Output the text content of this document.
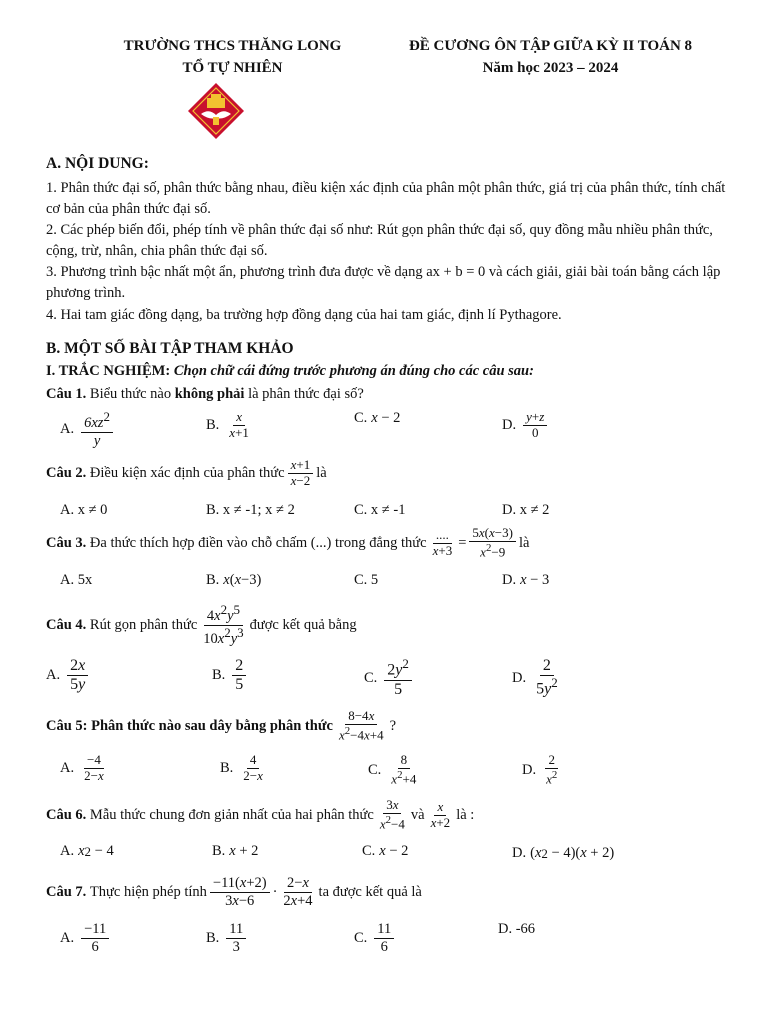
TRƯỜNG THCS THĂNG LONG
TỔ TỰ NHIÊN
ĐỀ CƯƠNG ÔN TẬP GIỮA KỲ II TOÁN 8
Năm học 2023 – 2024
A. NỘI DUNG:
1. Phân thức đại số, phân thức bằng nhau, điều kiện xác định của phân một phân thức, giá trị của phân thức, tính chất cơ bản của phân thức đại số.
2. Các phép biến đổi, phép tính về phân thức đại số như: Rút gọn phân thức đại số, quy đồng mẫu nhiều phân thức, cộng, trừ, nhân, chia phân thức đại số.
3. Phương trình bậc nhất một ẩn, phương trình đưa được về dạng ax + b = 0 và cách giải, giải bài toán bằng cách lập phương trình.
4. Hai tam giác đồng dạng, ba trường hợp đồng dạng của hai tam giác, định lí Pythagore.
B. MỘT SỐ BÀI TẬP THAM KHẢO
I. TRẮC NGHIỆM: Chọn chữ cái đứng trước phương án đúng cho các câu sau:
Câu 1. Biểu thức nào không phải là phân thức đại số?
A. $\frac{6xz^2}{y}$	B. $\frac{x}{x+1}$	C. x − 2	D. $\frac{y+z}{0}$
Câu 2.
Điều kiện xác định của phân thức $\frac{x+1}{x-2}$ là
A. x ≠ 0	B. x ≠ -1; x ≠ 2	C. x ≠ -1	D. x ≠ 2
Câu 3.
Đa thức thích hợp điền vào chỗ chấm (...) trong đẳng thức $\frac{....}{x+3} = \frac{5x(x-3)}{x^2-9}$ là
A. 5x	B. x ( x −3)	C. 5	D. x − 3
Câu 4.
Rút gọn phân thức $\frac{4x^2y^5}{10x^2y^3}$ được kết quả bằng
A. $\frac{2x}{5y}$	B. $\frac{2}{5}$	C. $\frac{2y^2}{5}$	D. $\frac{2}{5y^2}$
Câu 5:
Phân thức nào sau dây bằng phân thức $\frac{8-4x}{x^2-4x+4}$ ?
A. $\frac{-4}{2-x}$	B. $\frac{4}{2-x}$	C. $\frac{8}{x^2+4}$	D. $\frac{2}{x^2}$
Câu 6.
Mẫu thức chung đơn giản nhất của hai phân thức $\frac{3x}{x^2-4}$ và $\frac{x}{x+2}$ là :
A. x 2 − 4	B. x + 2	C. x − 2	D. ( x 2 − 4)( x + 2)
Câu 7.
Thực hiện phép tính $\frac{-11(x+2)}{3x-6} \cdot \frac{2-x}{2x+4}$ ta được kết quả là
A. $\frac{-11}{6}$	B. $\frac{11}{3}$	C. $\frac{11}{6}$	D. -66
